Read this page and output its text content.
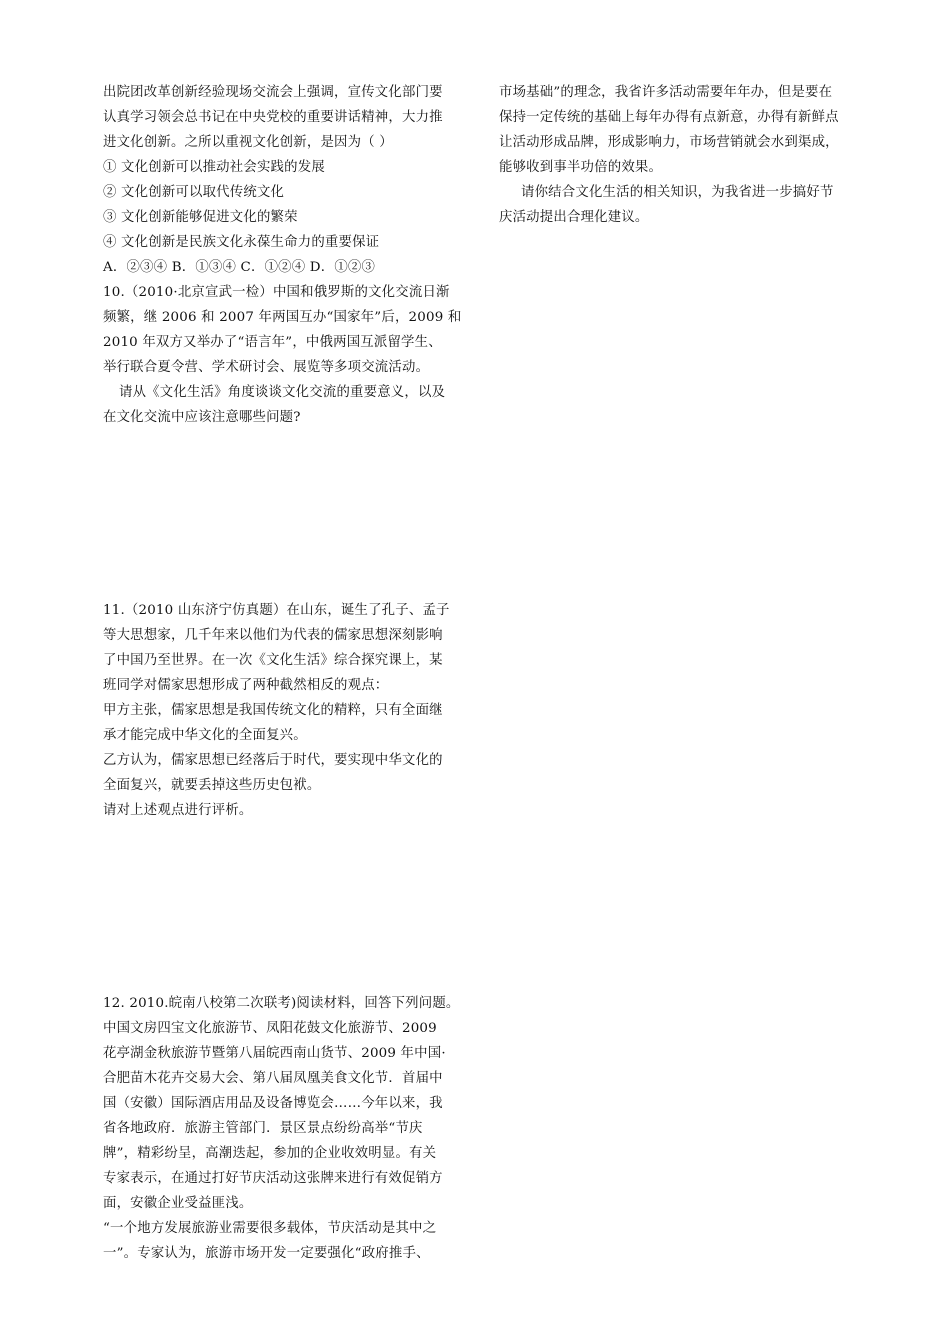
出院团改革创新经验现场交流会上强调，宣传文化部门要
认真学习领会总书记在中央党校的重要讲话精神，大力推
进文化创新。之所以重视文化创新，是因为（ ）
① 文化创新可以推动社会实践的发展
② 文化创新可以取代传统文化
③ 文化创新能够促进文化的繁荣
④ 文化创新是民族文化永葆生命力的重要保证
A．②③④ B．①③④ C．①②④ D．①②③
10.（2010·北京宣武一检）中国和俄罗斯的文化交流日渐
频繁，继 2006 和 2007 年两国互办“国家年”后，2009 和
2010 年双方又举办了“语言年”，中俄两国互派留学生、
举行联合夏令营、学术研讨会、展览等多项交流活动。
请从《文化生活》角度谈谈文化交流的重要意义，以及
在文化交流中应该注意哪些问题?
11.（2010 山东济宁仿真题）在山东，诞生了孔子、孟子
等大思想家，几千年来以他们为代表的儒家思想深刻影响
了中国乃至世界。在一次《文化生活》综合探究课上，某
班同学对儒家思想形成了两种截然相反的观点：
甲方主张，儒家思想是我国传统文化的精粹，只有全面继
承才能完成中华文化的全面复兴。
乙方认为，儒家思想已经落后于时代，要实现中华文化的
全面复兴，就要丢掉这些历史包袱。
请对上述观点进行评析。
12. 2010.皖南八校第二次联考)阅读材料，回答下列问题。
中国文房四宝文化旅游节、凤阳花鼓文化旅游节、2009
花亭湖金秋旅游节暨第八届皖西南山货节、2009 年中国·
合肥苗木花卉交易大会、第八届凤凰美食文化节．首届中
国（安徽）国际酒店用品及设备博览会……今年以来，我
省各地政府．旅游主管部门．景区景点纷纷高举“节庆
牌”，精彩纷呈，高潮迭起，参加的企业收效明显。有关
专家表示，在通过打好节庆活动这张牌来进行有效促销方
面，安徽企业受益匪浅。
“一个地方发展旅游业需要很多载体，节庆活动是其中之
一”。专家认为，旅游市场开发一定要强化“政府推手、
市场基础”的理念，我省许多活动需要年年办，但是要在
保持一定传统的基础上每年办得有点新意，办得有新鲜点
让活动形成品牌，形成影响力，市场营销就会水到渠成，
能够收到事半功倍的效果。
请你结合文化生活的相关知识，为我省进一步搞好节
庆活动提出合理化建议。
